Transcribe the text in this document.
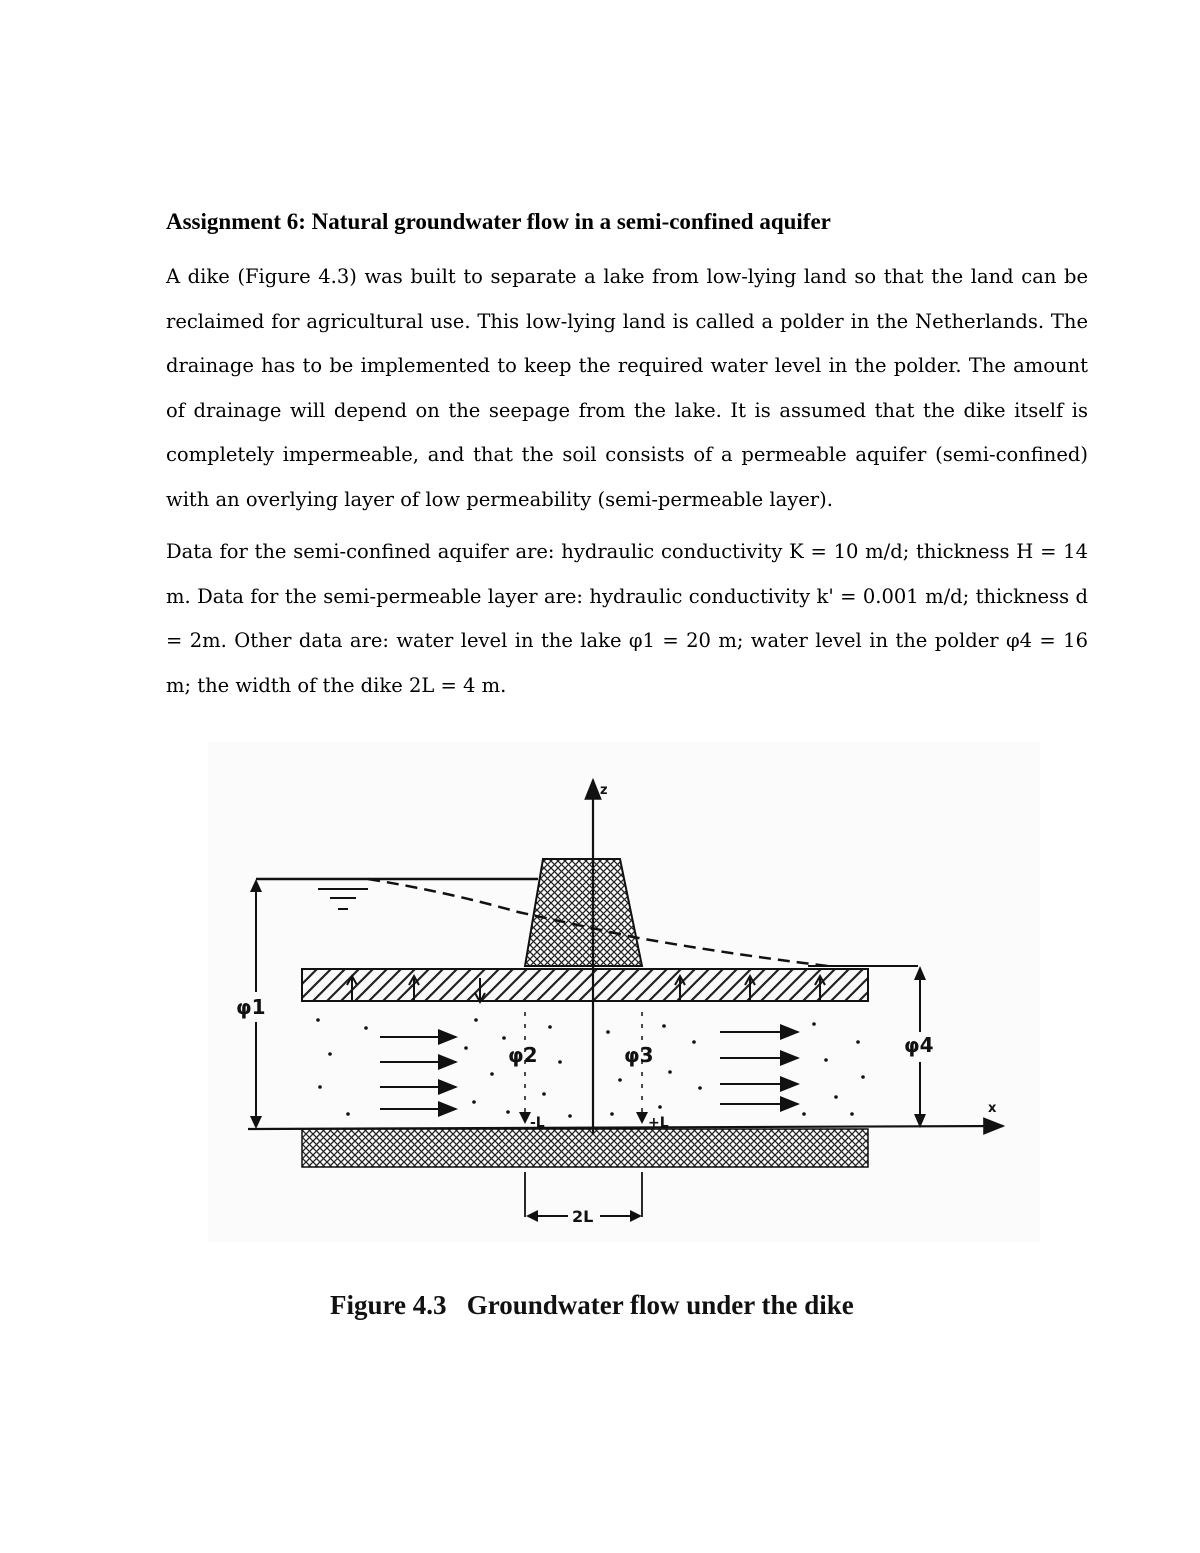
Assignment 6: Natural groundwater flow in a semi-confined aquifer

A dike (Figure 4.3) was built to separate a lake from low-lying land so that the land can be reclaimed for agricultural use. This low-lying land is called a polder in the Netherlands. The drainage has to be implemented to keep the required water level in the polder. The amount of drainage will depend on the seepage from the lake. It is assumed that the dike itself is completely impermeable, and that the soil consists of a permeable aquifer (semi-confined) with an overlying layer of low permeability (semi-permeable layer).

Data for the semi-confined aquifer are: hydraulic conductivity K = 10 m/d; thickness H = 14 m. Data for the semi-permeable layer are: hydraulic conductivity k' = 0.001 m/d; thickness d = 2m. Other data are: water level in the lake φ1 = 20 m; water level in the polder φ4 = 16 m; the width of the dike 2L = 4 m.

z
x
φ1
φ4
φ2	φ3
-L	+L
2L

Figure 4.3   Groundwater flow under the dike
